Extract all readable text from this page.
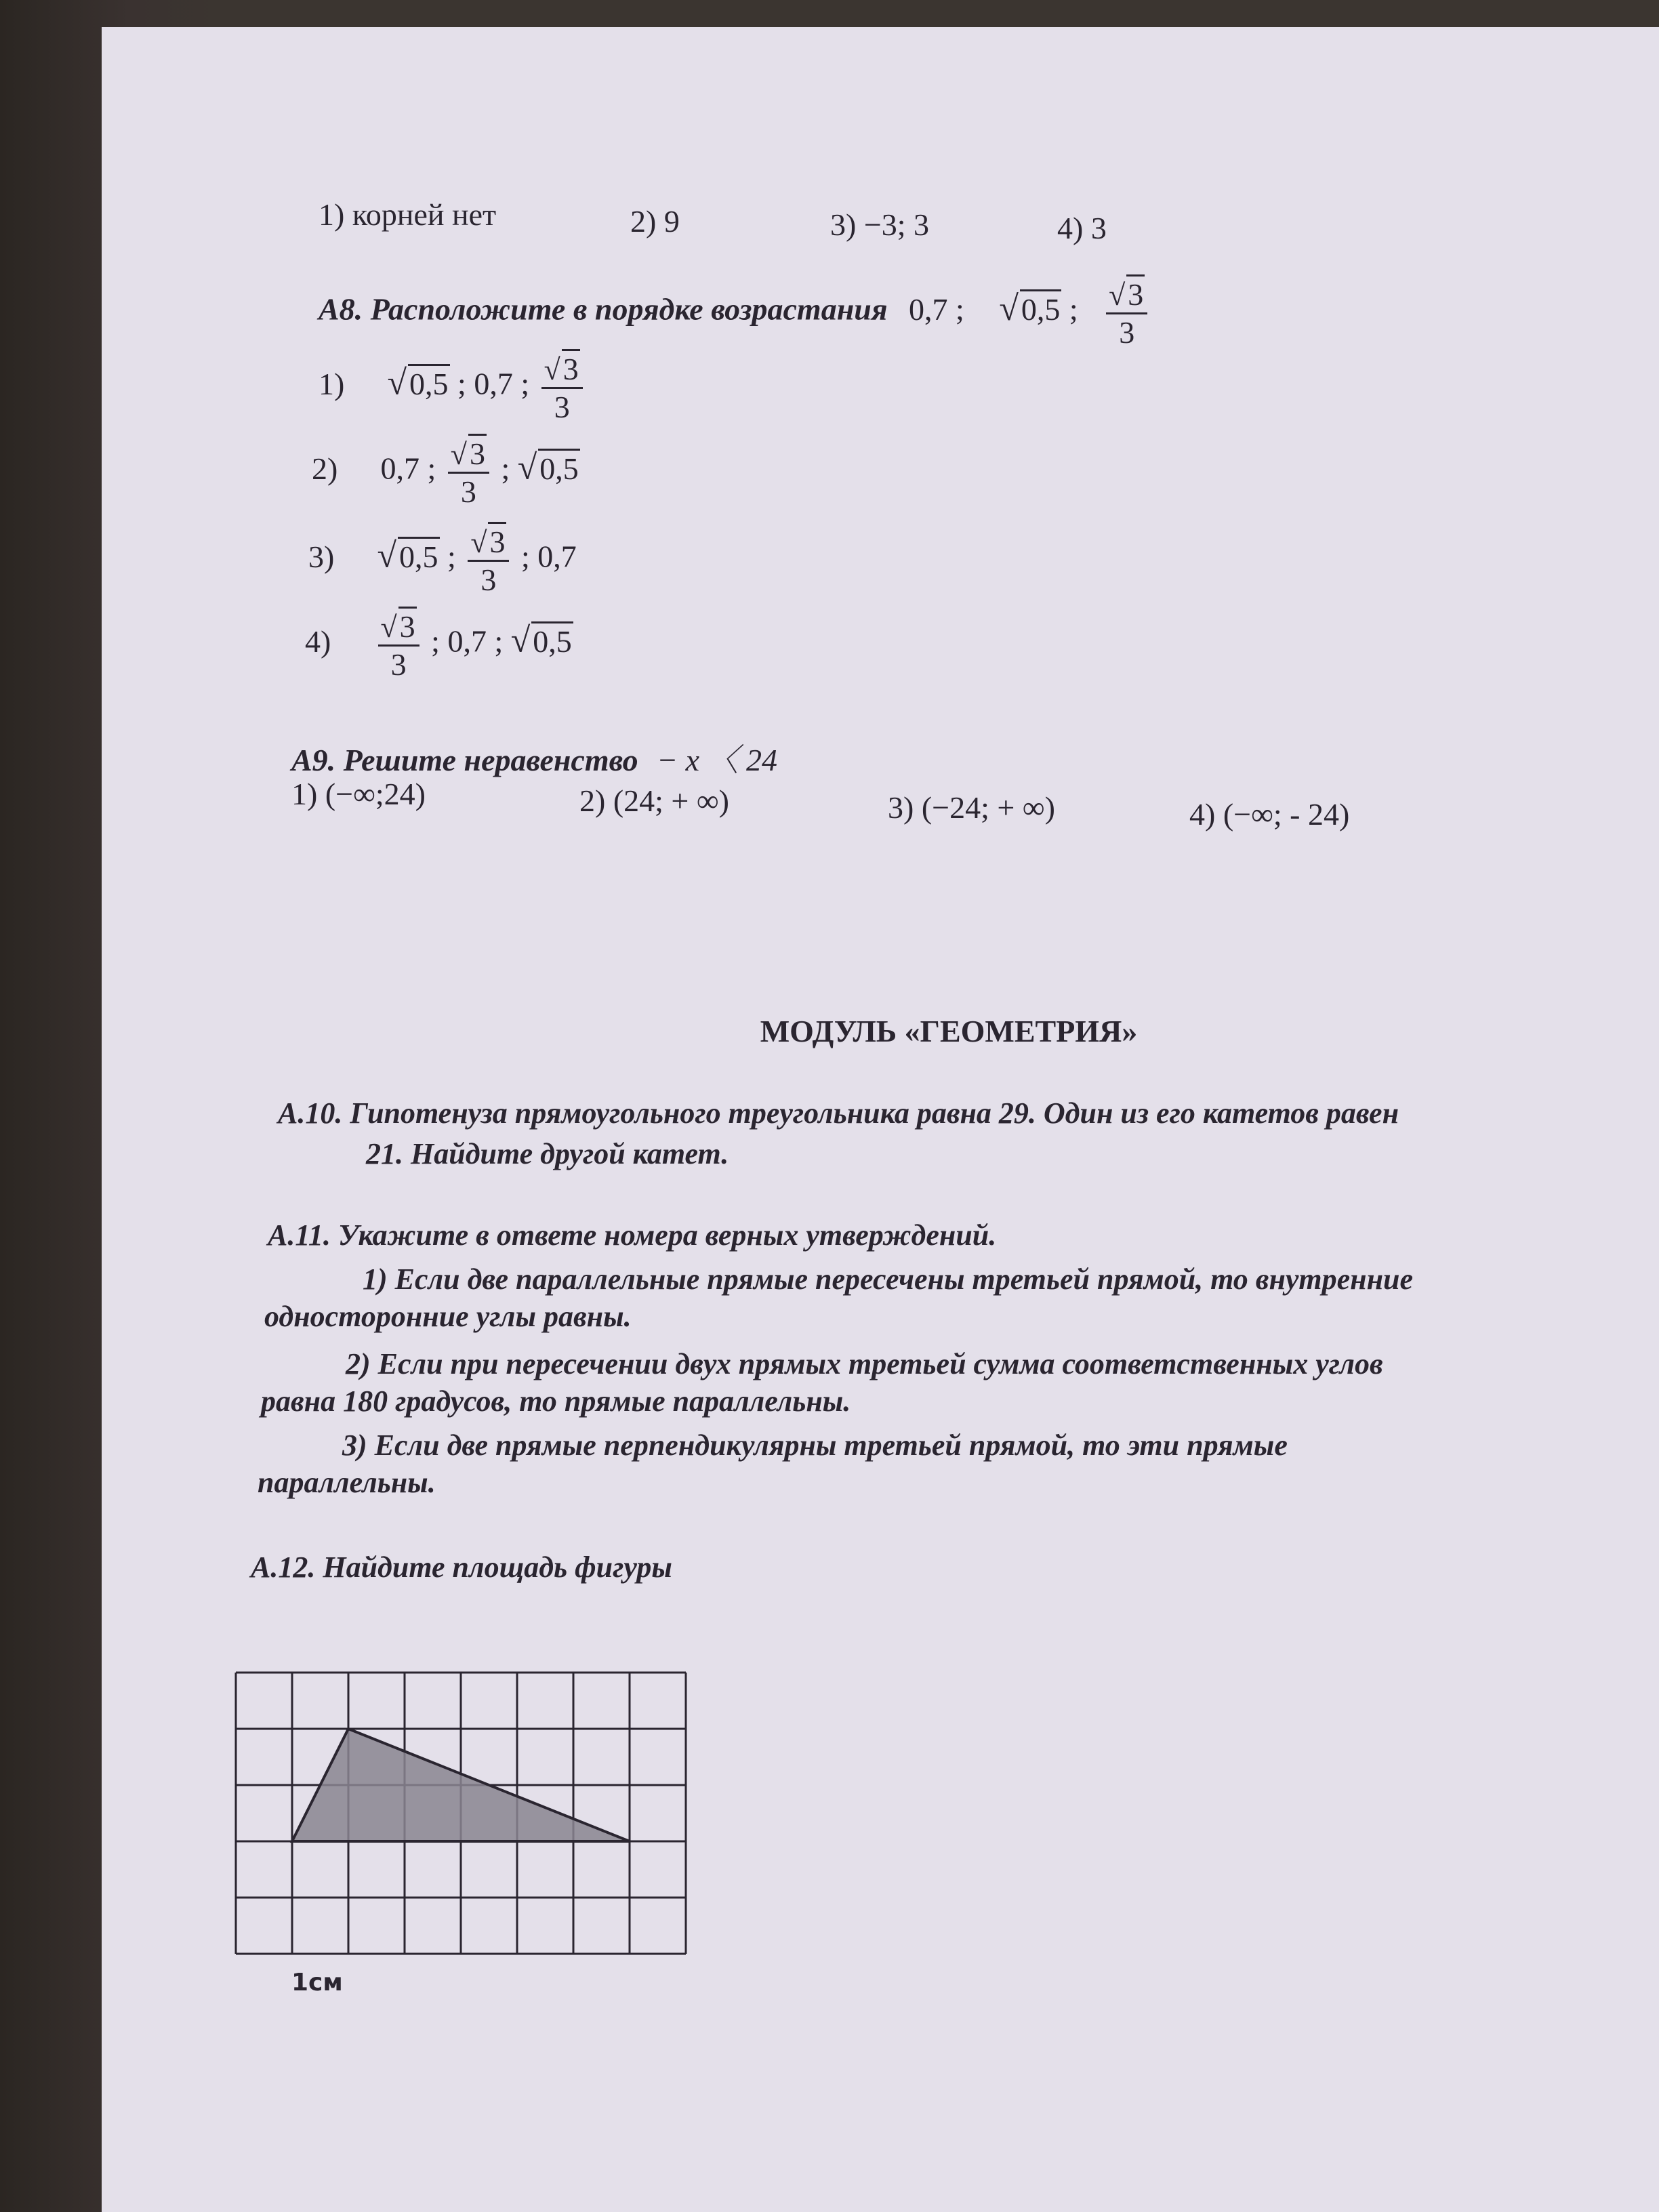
1) корней нет	2) 9	3) −3; 3	4) 3
А8. Расположите в порядке возрастания 0,7 ; √0,5 ; $\frac{√3}{3}$
1) √0,5 ; 0,7 ; $\frac{√3}{3}$
2) 0,7 ; $\frac{√3}{3}$ ; √0,5
3) √0,5 ; $\frac{√3}{3}$ ; 0,7
$4) \frac{√3}{3}$ ; 0,7 ; √0,5
А9. Решите неравенство − x 〈 24
1) (−∞;24)	2) (24; + ∞)	3) (−24; + ∞)	4) (−∞; - 24)
МОДУЛЬ «ГЕОМЕТРИЯ»
А.10. Гипотенуза прямоугольного треугольника равна 29. Один из его катетов равен
21. Найдите другой катет.
А.11. Укажите в ответе номера верных утверждений.
1) Если две параллельные прямые пересечены третьей прямой, то внутренние
односторонние углы равны.
2) Если при пересечении двух прямых третьей сумма соответственных углов
равна 180 градусов, то прямые параллельны.
3) Если две прямые перпендикулярны третьей прямой, то эти прямые
параллельны.
А.12. Найдите площадь фигуры
1см
